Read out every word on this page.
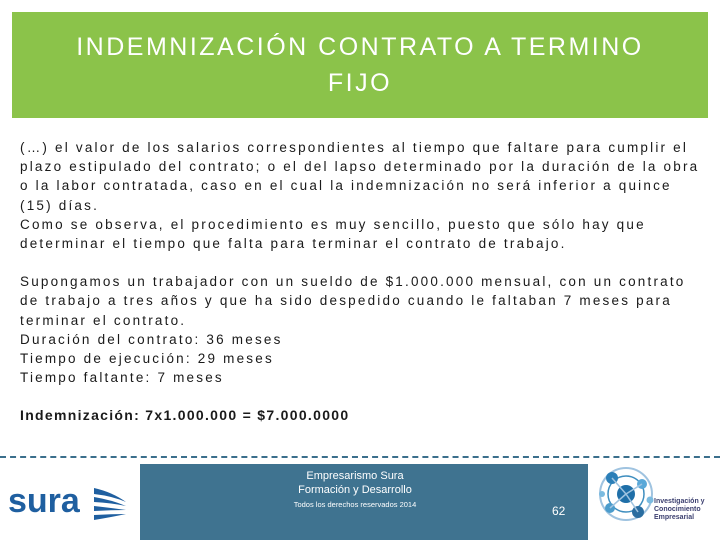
INDEMNIZACIÓN CONTRATO A TERMINO FIJO

(…) el valor de los salarios correspondientes al tiempo que faltare para cumplir el plazo estipulado del contrato; o el del lapso determinado por la duración de la obra o la labor contratada, caso en el cual la indemnización no será inferior a quince (15) días.

Como se observa, el procedimiento es muy sencillo, puesto que sólo hay que determinar el tiempo que falta para terminar el contrato de trabajo.

Supongamos un trabajador con un sueldo de $1.000.000 mensual, con un contrato de trabajo a tres años y que ha sido despedido cuando le faltaban 7 meses para terminar el contrato.

Duración del contrato: 36 meses

Tiempo de ejecución: 29 meses

Tiempo faltante: 7 meses

Indemnización: 7x1.000.000 = $7.000.0000

sura
Empresarismo Sura
Formación y Desarrollo
Todos los derechos reservados 2014	62
Investigación y
Conocimiento
Empresarial
